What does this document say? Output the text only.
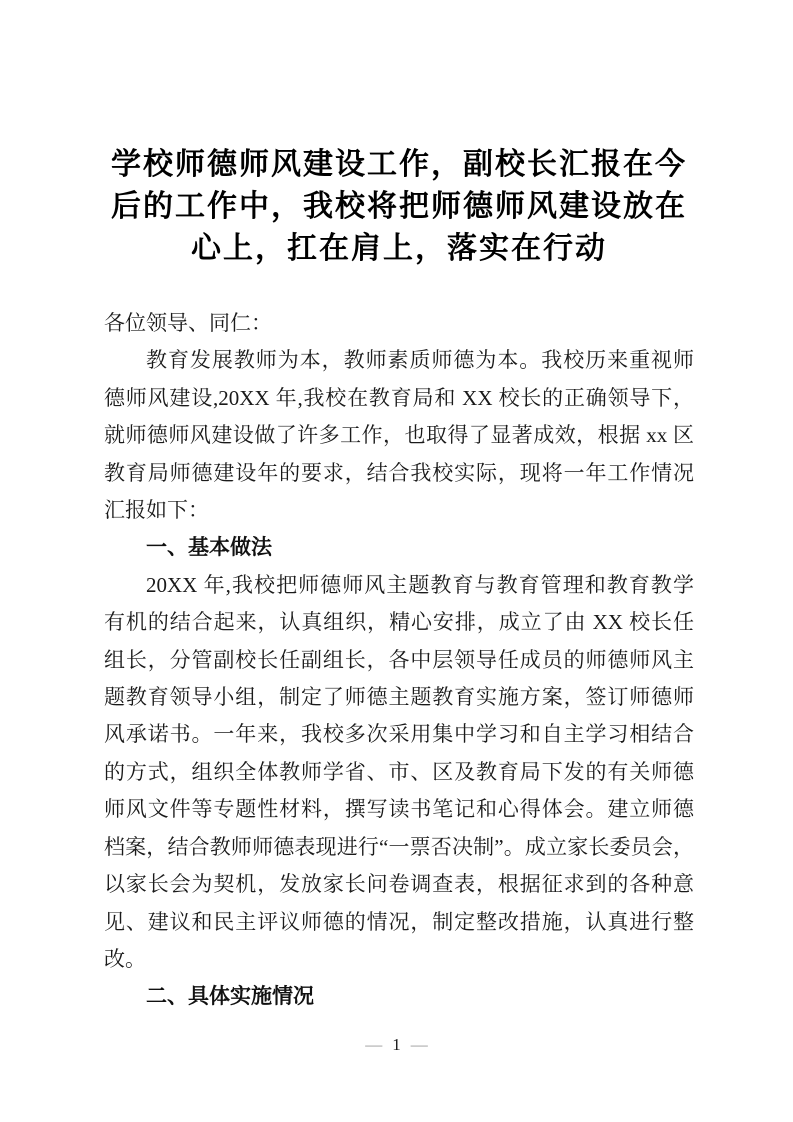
学校师德师风建设工作，副校长汇报在今
后的工作中，我校将把师德师风建设放在
心上，扛在肩上，落实在行动
各位领导、同仁：
教育发展教师为本，教师素质师德为本。我校历来重视师
德师风建设,20XX 年,我校在教育局和 XX 校长的正确领导下，
就师德师风建设做了许多工作，也取得了显著成效，根据 xx 区
教育局师德建设年的要求，结合我校实际，现将一年工作情况
汇报如下：
一、基本做法
20XX 年,我校把师德师风主题教育与教育管理和教育教学
有机的结合起来，认真组织，精心安排，成立了由 XX 校长任
组长，分管副校长任副组长，各中层领导任成员的师德师风主
题教育领导小组，制定了师德主题教育实施方案，签订师德师
风承诺书。一年来，我校多次采用集中学习和自主学习相结合
的方式，组织全体教师学省、市、区及教育局下发的有关师德
师风文件等专题性材料，撰写读书笔记和心得体会。建立师德
档案，结合教师师德表现进行“一票否决制”。成立家长委员会，
以家长会为契机，发放家长问卷调查表，根据征求到的各种意
见、建议和民主评议师德的情况，制定整改措施，认真进行整
改。
二、具体实施情况
— 1 —
